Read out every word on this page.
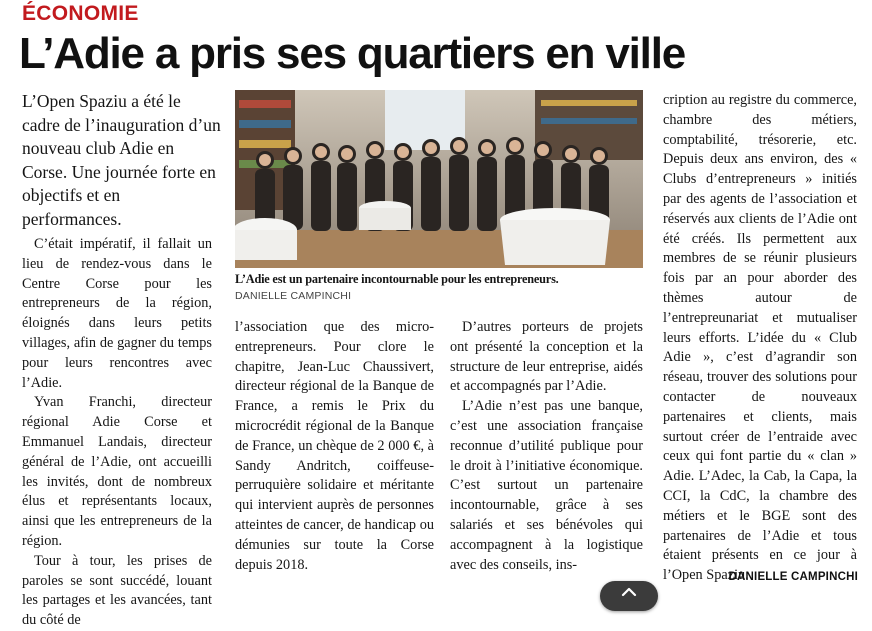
ÉCONOMIE
L’Adie a pris ses quartiers en ville

L’Open Spaziu a été le cadre de l’inauguration d’un nouveau club Adie en Corse. Une journée forte en objectifs et en performances.

L’Adie est un partenaire incontournable pour les entrepreneurs.
DANIELLE CAMPINCHI

C’était impératif, il fallait un lieu de rendez-vous dans le Centre Corse pour les entrepreneurs de la région, éloignés dans leurs petits villages, afin de gagner du temps pour leurs rencontres avec l’Adie.

Yvan Franchi, directeur régional Adie Corse et Emmanuel Landais, directeur général de l’Adie, ont accueilli les invités, dont de nombreux élus et représentants locaux, ainsi que les entrepreneurs de la région.

Tour à tour, les prises de paroles se sont succédé, louant les partages et les avancées, tant du côté de

l’association que des micro-entrepreneurs. Pour clore le chapitre, Jean-Luc Chaussivert, directeur régional de la Banque de France, a remis le Prix du microcrédit régional de la Banque de France, un chèque de 2 000 €, à Sandy Andritch, coiffeuse-perruquière solidaire et méritante qui intervient auprès de personnes atteintes de cancer, de handicap ou démunies sur toute la Corse depuis 2018.

D’autres porteurs de projets ont présenté la conception et la structure de leur entreprise, aidés et accompagnés par l’Adie.

L’Adie n’est pas une banque, c’est une association française reconnue d’utilité publique pour le droit à l’initiative économique. C’est surtout un partenaire incontournable, grâce à ses salariés et ses bénévoles qui accompagnent à la logistique avec des conseils, ins-

cription au registre du commerce, chambre des métiers, comptabilité, trésorerie, etc. Depuis deux ans environ, des « Clubs d’entrepreneurs » initiés par des agents de l’association et réservés aux clients de l’Adie ont été créés. Ils permettent aux membres de se réunir plusieurs fois par an pour aborder des thèmes autour de l’entrepreunariat et mutualiser leurs efforts. L’idée du « Club Adie », c’est d’agrandir son réseau, trouver des solutions pour contacter de nouveaux partenaires et clients, mais surtout créer de l’entraide avec ceux qui font partie du « clan » Adie. L’Adec, la Cab, la Capa, la CCI, la CdC, la chambre des métiers et le BGE sont des partenaires de l’Adie et tous étaient présents en ce jour à l’Open Spaziu.

DANIELLE CAMPINCHI
